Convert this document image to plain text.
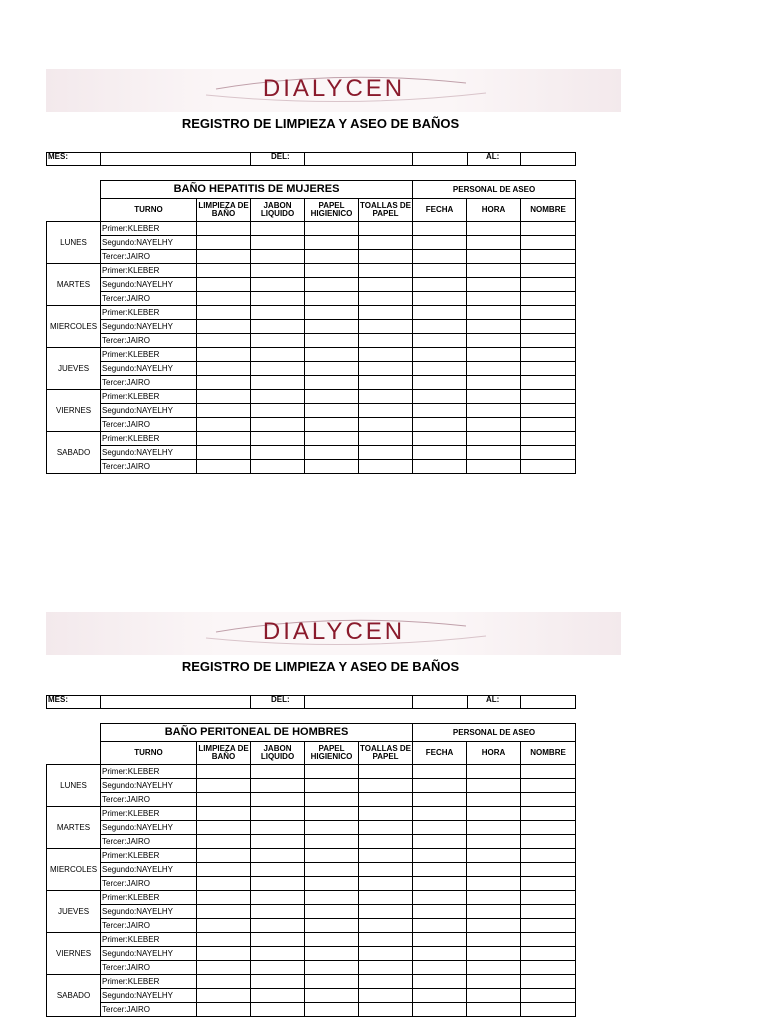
DIALYCEN
REGISTRO DE LIMPIEZA Y ASEO DE BAÑOS
MES:		DEL:			AL:	
	BAÑO HEPATITIS DE MUJERES					PERSONAL DE ASEO		
	TURNO	LIMPIEZA DE BAÑO	JABON LIQUIDO	PAPEL HIGIENICO	TOALLAS DE PAPEL	FECHA	HORA	NOMBRE
LUNES	Primer:KLEBER							
	Segundo:NAYELHY							
	Tercer:JAIRO							
MARTES	Primer:KLEBER							
	Segundo:NAYELHY							
	Tercer:JAIRO							
MIERCOLES	Primer:KLEBER							
	Segundo:NAYELHY							
	Tercer:JAIRO							
JUEVES	Primer:KLEBER							
	Segundo:NAYELHY							
	Tercer:JAIRO							
VIERNES	Primer:KLEBER							
	Segundo:NAYELHY							
	Tercer:JAIRO							
SABADO	Primer:KLEBER							
	Segundo:NAYELHY							
	Tercer:JAIRO							
DIALYCEN
REGISTRO DE LIMPIEZA Y ASEO DE BAÑOS
MES:		DEL:			AL:	
	BAÑO PERITONEAL DE HOMBRES					PERSONAL DE ASEO		
	TURNO	LIMPIEZA DE BAÑO	JABON LIQUIDO	PAPEL HIGIENICO	TOALLAS DE PAPEL	FECHA	HORA	NOMBRE
LUNES	Primer:KLEBER							
	Segundo:NAYELHY							
	Tercer:JAIRO							
MARTES	Primer:KLEBER							
	Segundo:NAYELHY							
	Tercer:JAIRO							
MIERCOLES	Primer:KLEBER							
	Segundo:NAYELHY							
	Tercer:JAIRO							
JUEVES	Primer:KLEBER							
	Segundo:NAYELHY							
	Tercer:JAIRO							
VIERNES	Primer:KLEBER							
	Segundo:NAYELHY							
	Tercer:JAIRO							
SABADO	Primer:KLEBER							
	Segundo:NAYELHY							
	Tercer:JAIRO							
